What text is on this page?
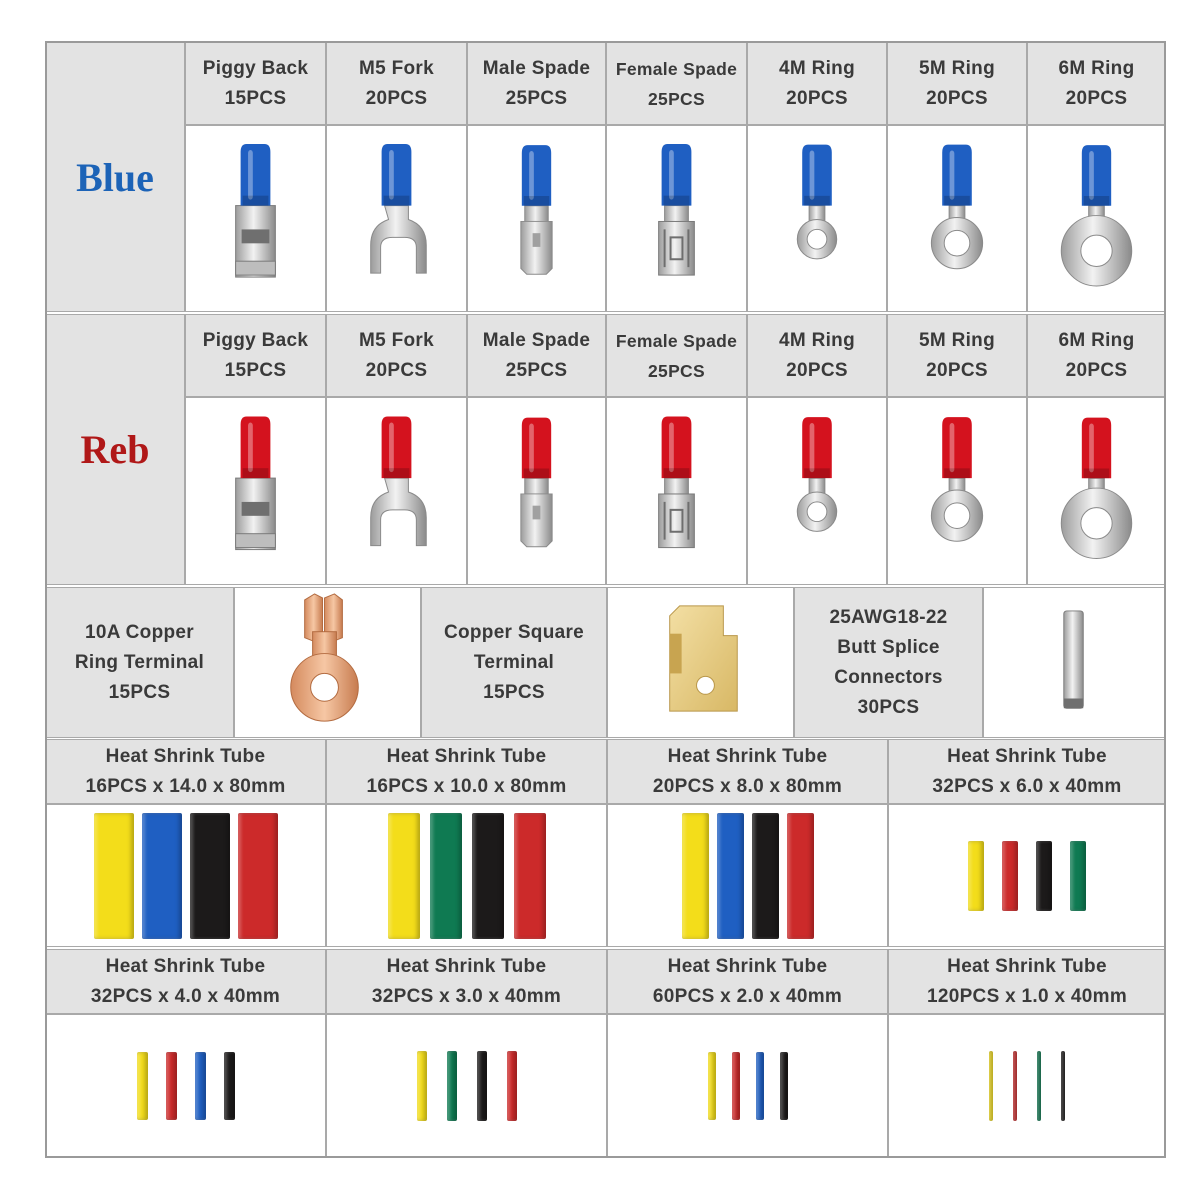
Blue
Piggy Back
15PCS
M5 Fork
20PCS
Male Spade
25PCS
Female Spade
25PCS
4M Ring
20PCS
5M Ring
20PCS
6M Ring
20PCS
Reb
Piggy Back
15PCS
M5 Fork
20PCS
Male Spade
25PCS
Female Spade
25PCS
4M Ring
20PCS
5M Ring
20PCS
6M Ring
20PCS
10A Copper
Ring Terminal
15PCS
Copper Square
Terminal
15PCS
25AWG18-22
Butt Splice
Connectors
30PCS
Heat Shrink Tube
16PCS x 14.0 x 80mm
Heat Shrink Tube
16PCS x 10.0 x 80mm
Heat Shrink Tube
20PCS x 8.0 x 80mm
Heat Shrink Tube
32PCS x 6.0 x 40mm
Heat Shrink Tube
32PCS x 4.0 x 40mm
Heat Shrink Tube
32PCS x 3.0 x 40mm
Heat Shrink Tube
60PCS x 2.0 x 40mm
Heat Shrink Tube
120PCS x 1.0 x 40mm
